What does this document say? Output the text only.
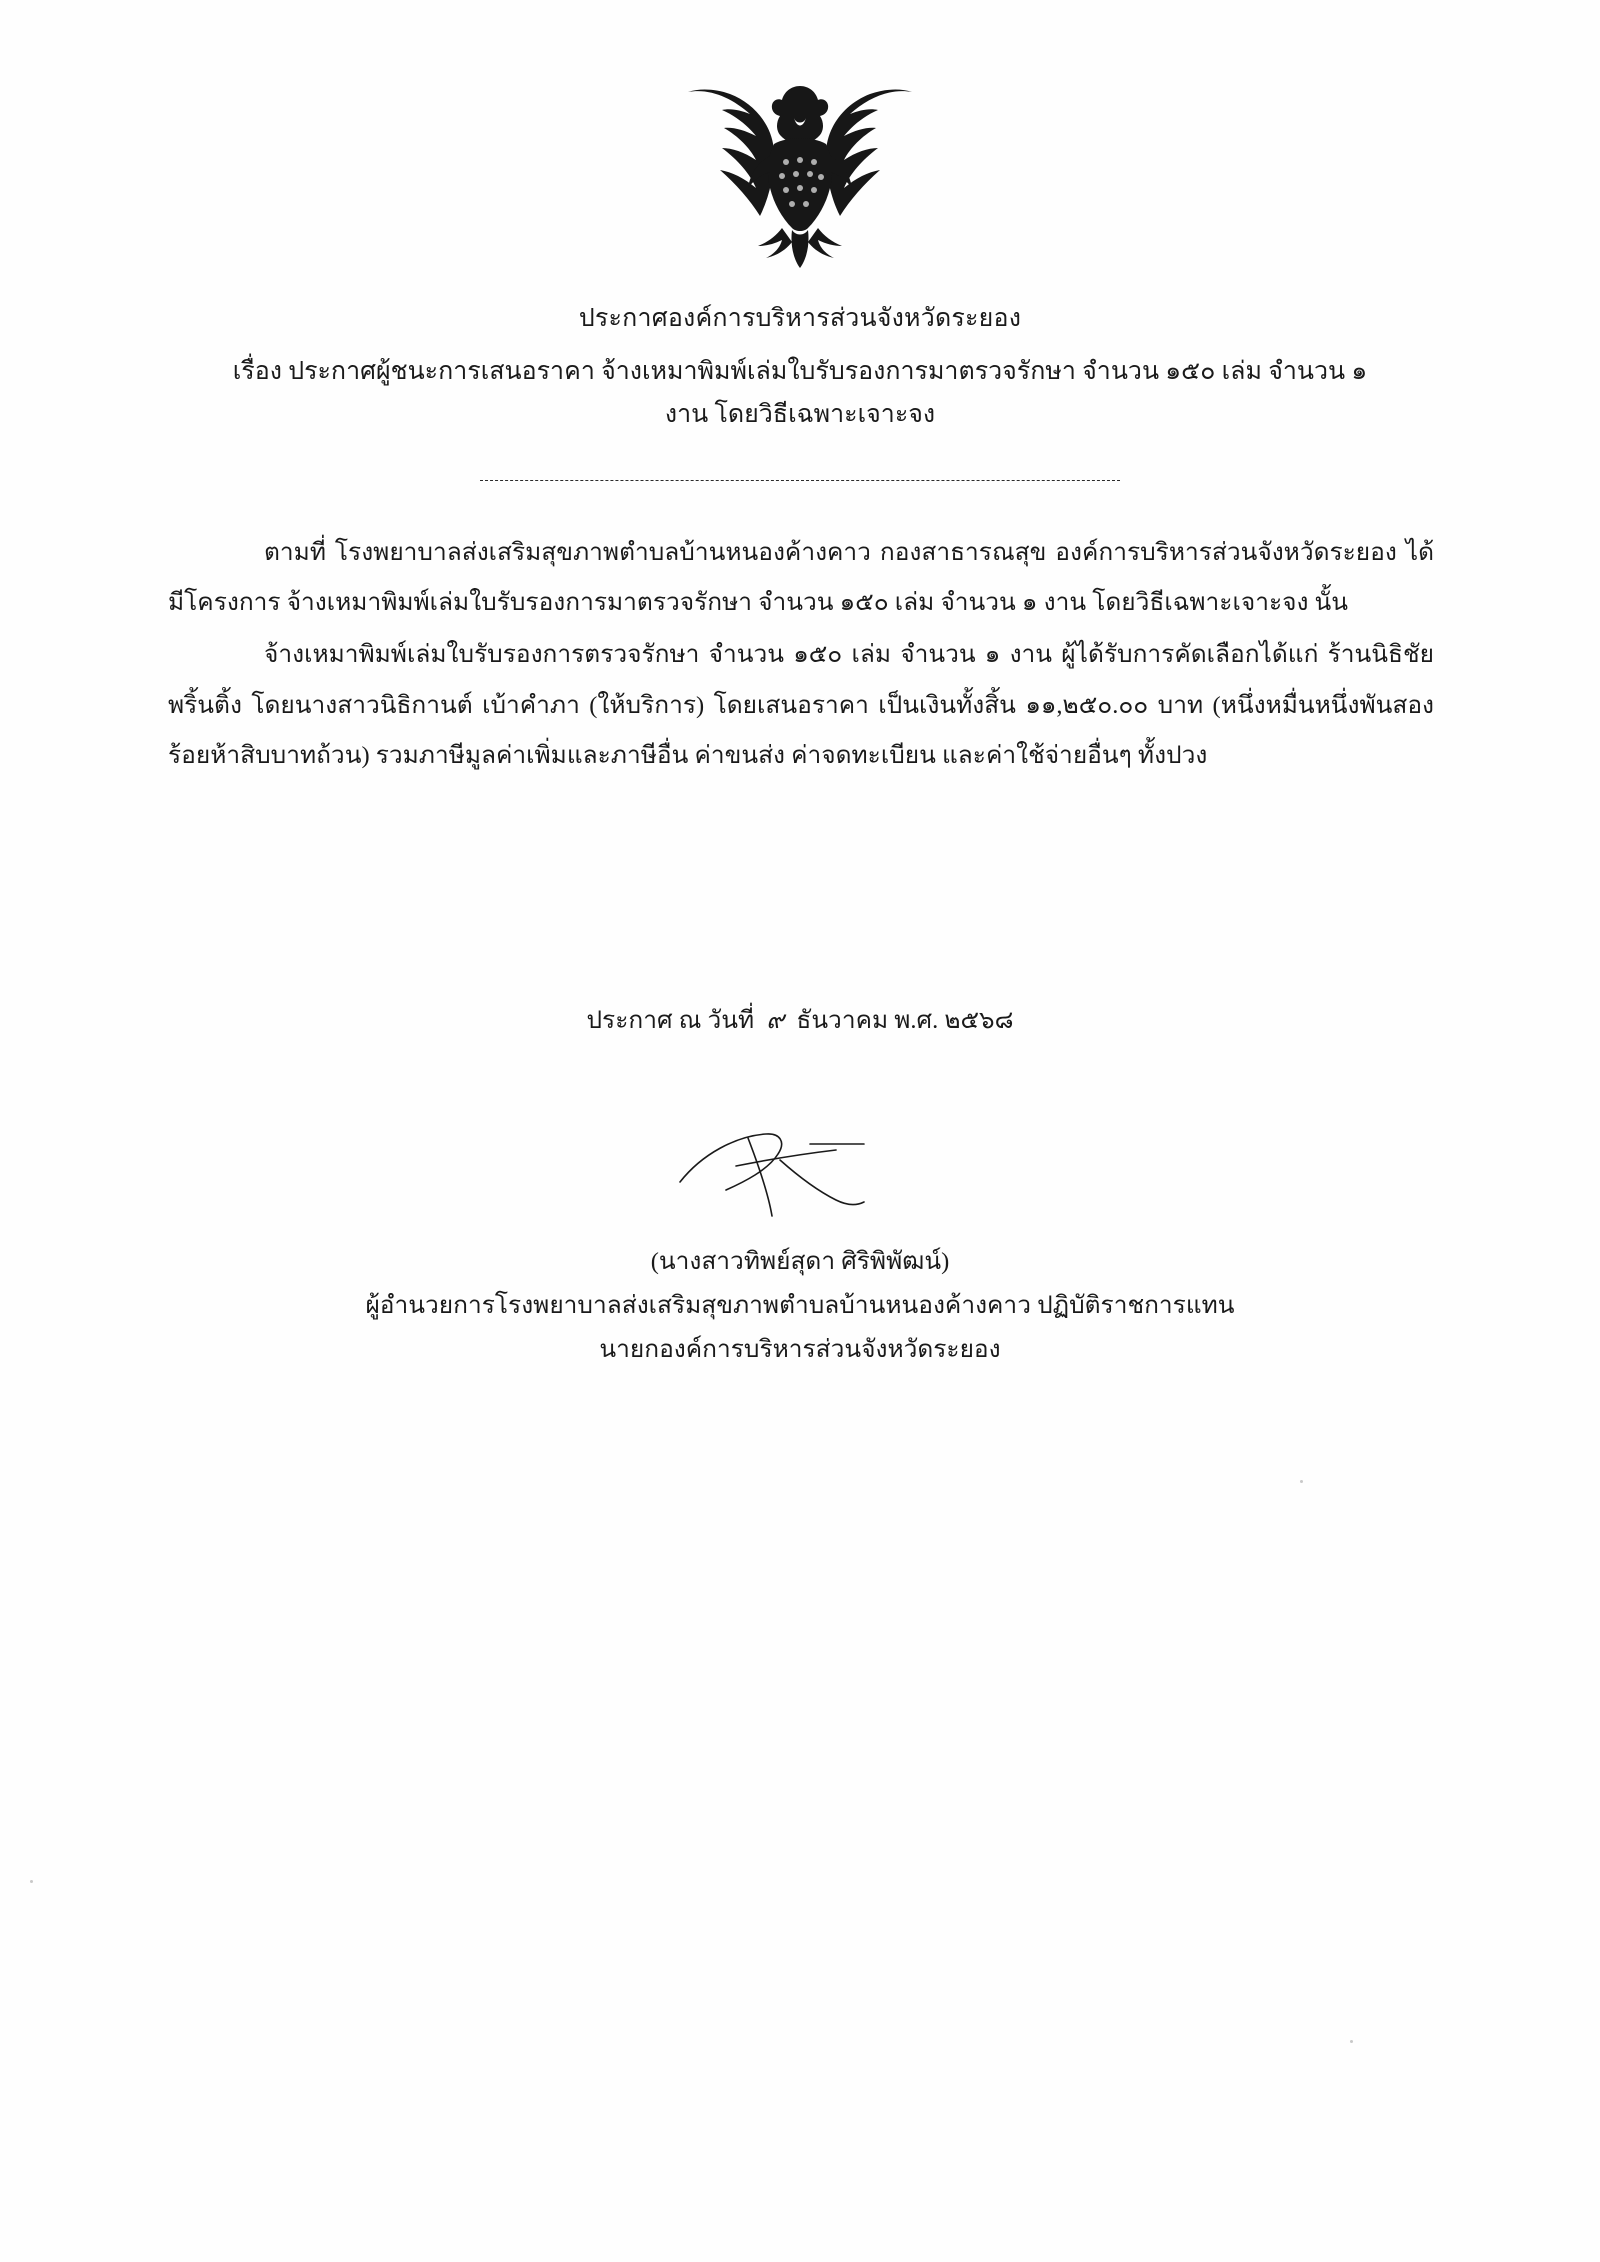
ประกาศองค์การบริหารส่วนจังหวัดระยอง
เรื่อง ประกาศผู้ชนะการเสนอราคา จ้างเหมาพิมพ์เล่มใบรับรองการมาตรวจรักษา จำนวน ๑๕๐ เล่ม จำนวน ๑
งาน โดยวิธีเฉพาะเจาะจง

ตามที่ โรงพยาบาลส่งเสริมสุขภาพตำบลบ้านหนองค้างคาว กองสาธารณสุข องค์การบริหารส่วนจังหวัดระยอง ได้มีโครงการ จ้างเหมาพิมพ์เล่มใบรับรองการมาตรวจรักษา จำนวน ๑๕๐ เล่ม จำนวน ๑ งาน โดยวิธีเฉพาะเจาะจง นั้น

จ้างเหมาพิมพ์เล่มใบรับรองการตรวจรักษา จำนวน ๑๕๐ เล่ม จำนวน ๑ งาน ผู้ได้รับการคัดเลือกได้แก่ ร้านนิธิชัย พริ้นติ้ง โดยนางสาวนิธิกานต์ เบ้าคำภา (ให้บริการ) โดยเสนอราคา เป็นเงินทั้งสิ้น ๑๑,๒๕๐.๐๐ บาท (หนึ่งหมื่นหนึ่งพันสองร้อยห้าสิบบาทถ้วน) รวมภาษีมูลค่าเพิ่มและภาษีอื่น ค่าขนส่ง ค่าจดทะเบียน และค่าใช้จ่ายอื่นๆ ทั้งปวง

ประกาศ ณ วันที่ ๙ ธันวาคม พ.ศ. ๒๕๖๘
(นางสาวทิพย์สุดา ศิริพิพัฒน์)
ผู้อำนวยการโรงพยาบาลส่งเสริมสุขภาพตำบลบ้านหนองค้างคาว ปฏิบัติราชการแทน
นายกองค์การบริหารส่วนจังหวัดระยอง
